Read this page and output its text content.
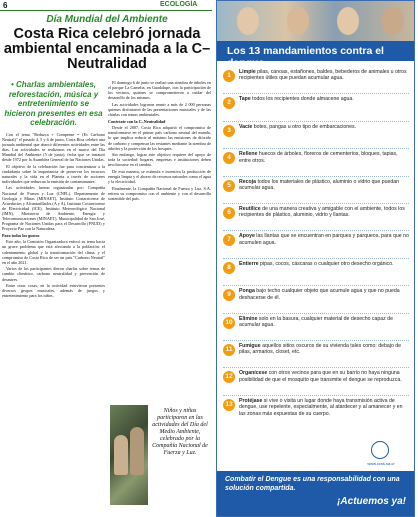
6	ECOLOGÍA
Día Mundial del Ambiente
Costa Rica celebró jornada ambiental encaminada a la C–Neutralidad
• Charlas ambientales, reforestación, música y entretenimiento se hicieron presentes en esa celebración.

Con el tema "Reduzca + Compense = (Es Carbono Neutral)" el pasado 4, 5 y 6 de junio, Costa Rica celebró una jornada ambiental que abarcó diferentes actividades entre las días. Las actividades se realizaron en el marco del Día Mundial del Ambiente (5 de junio), fecha que se instauró desde 1972 por la Asamblea General de las Naciones Unidas.

El objetivo de la celebración fue para concientizar a la ciudadanía sobre la importancia de preservar los recursos naturales y la vida en el Planeta a través de acciones individuales que reduzcan la emisión de contaminantes.

Las actividades fueron organizadas por: Compañía Nacional de Fuerza y Luz (CNFL), Departamento de Geología y Minas (MINAET), Instituto Costarricense de Acueductos y Alcantarillados (A y A), Instituto Costarricense de Electricidad (ICE), Instituto Meteorológico Nacional (IMN), Ministerio de Ambiente, Energía y Telecomunicaciones (MINAET), Municipalidad de San José, Programa de Naciones Unidas para el Desarrollo (PNUD) y Proyecto Paz con la Naturaleza.

Para todos los gustos

Este año, la Comisión Organizadora enfocó su tema hacia un grave problema que está afectando a la población: el calentamiento global y la transformación del clima, y el compromiso de Costa Rica de ser un país "Carbono Neutral" en el año 2021.

Varios de los participantes dieron charlas sobre temas de cambio climático, carbono neutralidad y prevención de desastres.

Entre otras cosas, en la actividad estuvieron presentes diversos grupos musicales, además de juegos y entretenimiento para los niños.

El domingo 6 de junio se realizó una siembra de árboles en el parque La Camelia, en Guadalupe, con la participación de los vecinos, quienes se comprometieron a cuidar del desarrollo de los mismos.

Las actividades lograron reunir a más de 2 000 personas quienes disfrutaron de las presentaciones musicales y de las charlas con temas ambientales.

Conéctate con la C–Neutralidad

Desde el 2007, Costa Rica adquirió el compromiso de transformarse en el primer país carbono neutral del mundo, lo que implica reducir al máximo las emisiones de dióxido de carbono y compensar las restantes mediante la siembra de árboles y la protección de los bosques.

Sin embargo, lograr este objetivo requiere del apoyo de toda la sociedad: hogares, empresas e instituciones deben involucrarse en el cambio.

De esta manera, se estimula e incentiva la producción de energía limpia y el ahorro de recursos naturales como el agua y la electricidad.

Finalmente, la Compañía Nacional de Fuerza y Luz, S.A. reitera su compromiso con el ambiente y con el desarrollo sostenible del país.

Niños y niñas participaron en las actividades del Día del Medio Ambiente, celebrado por la Compañía Nacional de Fuerza y Luz.
Los 13 mandamientos contra el dengue
1	Limpie pilas, canoas, estañones, baldes, bebederos de animales u otros recipientes útiles que puedan acumular agua.
2	Tape todos los recipientes donde almacene agua.
3	Vacíe botes, pangas u otro tipo de embarcaciones.
4	Rellene huecos de árboles, floreros de cementerios, bloques, tapias, entre otros.
5	Recoja todos los materiales de plástico, aluminio o vidrio que puedan acumular agua.
6	Reutilice de una manera creativa y amigable con el ambiente, todos los recipientes de plástico, aluminio, vidrio y llantas.
7	Apoye las llantas que se encuentran en parques y parqueos, para que no acumulen agua.
8	Entierre pipas, cocos, cáscaras o cualquier otro desecho orgánico.
9	Ponga bajo techo cualquier objeto que acumule agua y que no pueda deshacerse de él.
10	Elimine solo en la basura, cualquier material de desecho capaz de acumular agua.
11	Fumigue aquellos sitios oscuros de su vivienda tales como: debajo de pilas, armarios, closet, etc.
12	Organícese con otros vecinos para que en su barrio no haya ninguna posibilidad de que el mosquito que transmite el dengue se reproduzca.
13	Protéjase si vive o visita un lugar donde haya transmisión activa de dengue, use repelente, especialmente, al atardecer y al amanecer y en las zonas más expuestas de su cuerpo.
www.ccss.sa.cr
Combatir el Dengue es una responsabilidad con una solución compartida.
¡Actuemos ya!
